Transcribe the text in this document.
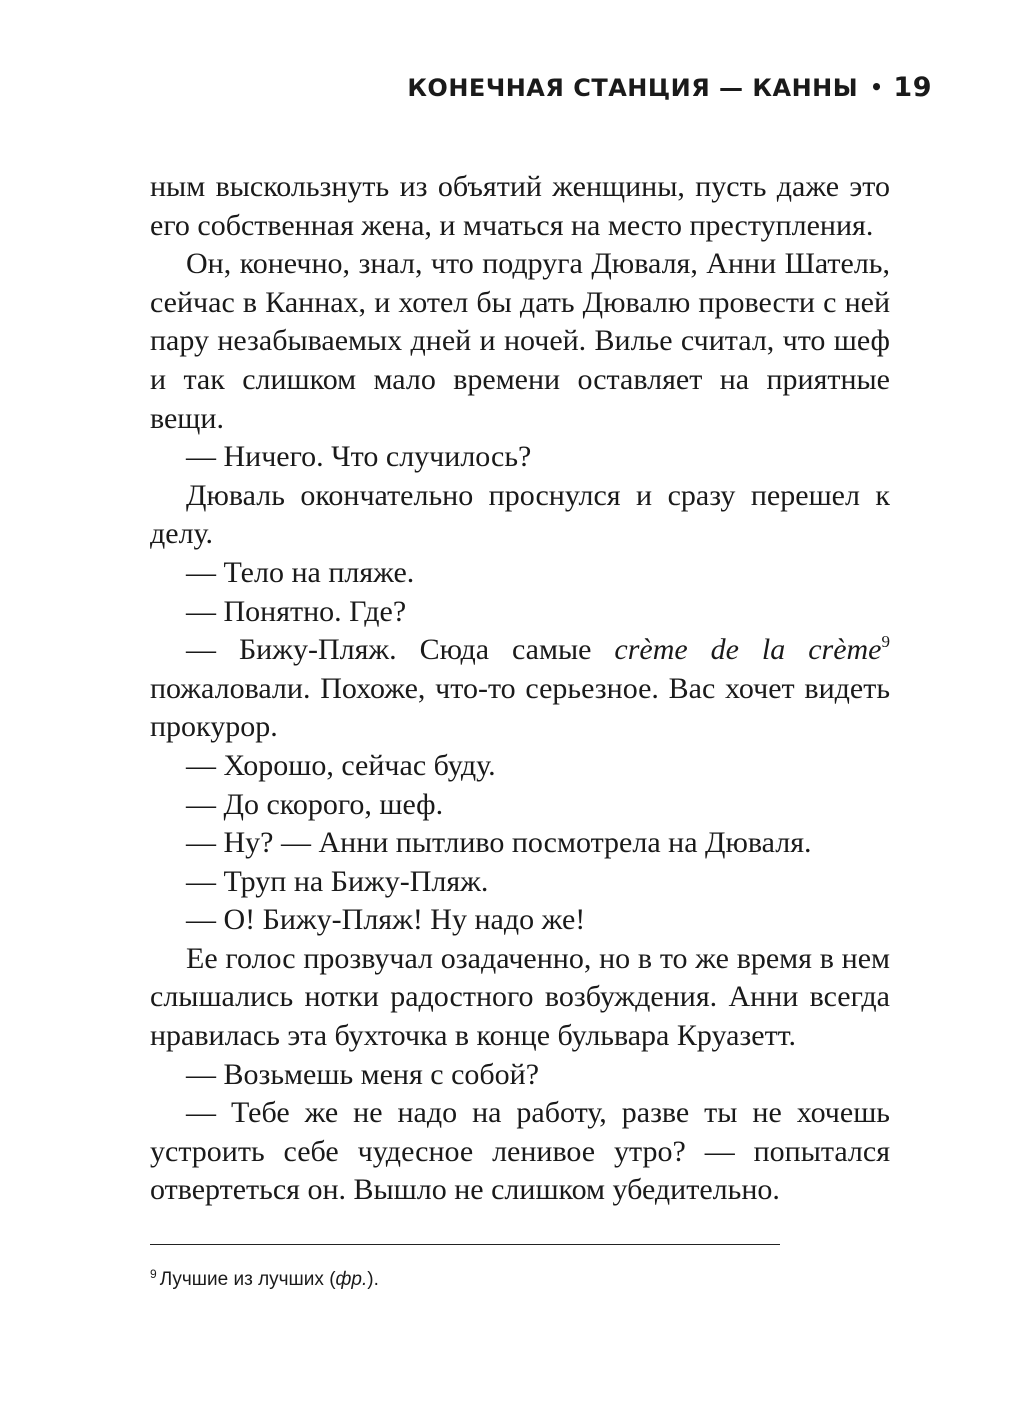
КОНЕЧНАЯ СТАНЦИЯ — КАННЫ • 19

ным выскользнуть из объятий женщины, пусть даже это его собственная жена, и мчаться на место преступления.

Он, конечно, знал, что подруга Дюваля, Анни Шатель, сейчас в Каннах, и хотел бы дать Дювалю провести с ней пару незабываемых дней и ночей. Вилье считал, что шеф и так слишком мало времени оставляет на приятные вещи.

— Ничего. Что случилось?

Дюваль окончательно проснулся и сразу перешел к делу.

— Тело на пляже.

— Понятно. Где?

— Бижу-Пляж. Сюда самые crème de la crème$^9$ пожаловали. Похоже, что-то серьезное. Вас хочет видеть прокурор.

— Хорошо, сейчас буду.

— До скорого, шеф.

— Ну? — Анни пытливо посмотрела на Дюваля.

— Труп на Бижу-Пляж.

— О! Бижу-Пляж! Ну надо же!

Ее голос прозвучал озадаченно, но в то же время в нем слышались нотки радостного возбуждения. Анни всегда нравилась эта бухточка в конце бульвара Круазетт.

— Возьмешь меня с собой?

— Тебе же не надо на работу, разве ты не хочешь устроить себе чудесное ленивое утро? — попытался отвертеться он. Вышло не слишком убедительно.

$^9$ Лучшие из лучших (фр.).
